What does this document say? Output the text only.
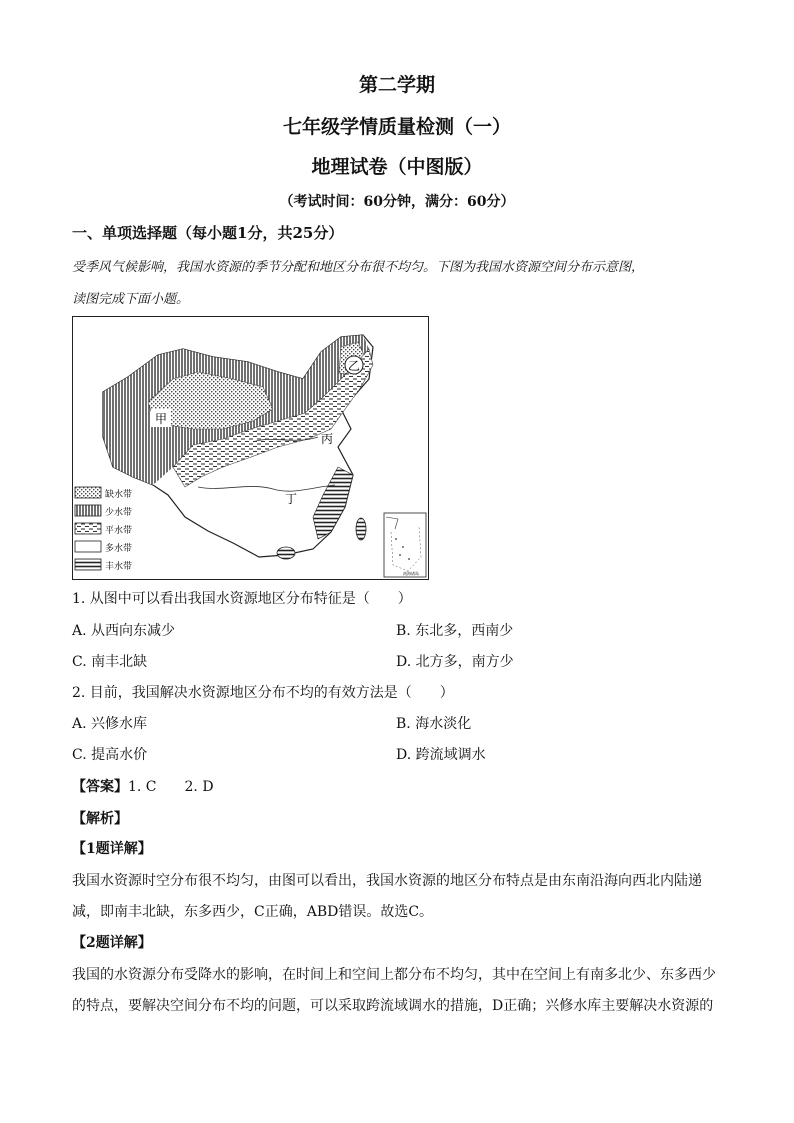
第二学期
七年级学情质量检测（一）
地理试卷（中图版）
（考试时间：60分钟，满分：60分）
一、单项选择题（每小题1分，共25分）
受季风气候影响，我国水资源的季节分配和地区分布很不均匀。下图为我国水资源空间分布示意图，
读图完成下面小题。
甲
乙
丙
丁
缺水带
少水带
平水带
多水带
丰水带
南海诸岛
1. 从图中可以看出我国水资源地区分布特征是（　　）
A. 从西向东减少	B. 东北多，西南少
C. 南丰北缺	D. 北方多，南方少
2. 目前，我国解决水资源地区分布不均的有效方法是（　　）
A. 兴修水库	B. 海水淡化
C. 提高水价	D. 跨流域调水
【答案】1. C　　2. D
【解析】
【1题详解】
我国水资源时空分布很不均匀，由图可以看出，我国水资源的地区分布特点是由东南沿海向西北内陆递
减，即南丰北缺，东多西少，C正确，ABD错误。故选C。
【2题详解】
我国的水资源分布受降水的影响，在时间上和空间上都分布不均匀，其中在空间上有南多北少、东多西少
的特点，要解决空间分布不均的问题，可以采取跨流域调水的措施，D正确；兴修水库主要解决水资源的
